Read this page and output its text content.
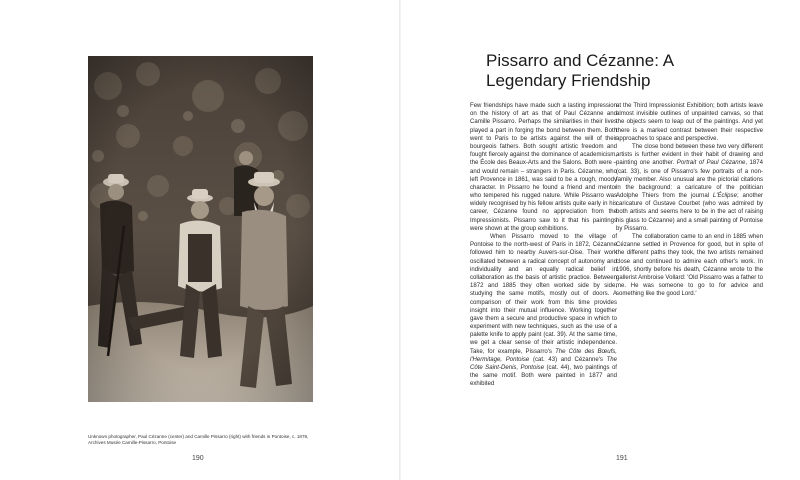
Unknown photographer, Paul Cézanne (center) and Camille Pissarro (right) with friends in Pontoise, c. 1878, Archives Musée Camille-Pissarro, Pontoise
190
Pissarro and Cézanne: A Legendary Friendship

Few friendships have made such a lasting impression on the history of art as that of Paul Cézanne and Camille Pissarro. Perhaps the similarities in their lives played a part in forging the bond between them. Both went to Paris to be artists against the will of their bourgeois fathers. Both sought artistic freedom and fought fiercely against the dominance of academicism, the École des Beaux-Arts and the Salons. Both were – and would remain – strangers in Paris. Cézanne, who left Provence in 1861, was said to be a rough, moody character. In Pissarro he found a friend and mentor who tempered his rugged nature. While Pissarro was widely recognised by his fellow artists quite early in his career, Cézanne found no appreciation from the Impressionists. Pissarro saw to it that his paintings were shown at the group exhibitions.

When Pissarro moved to the village of Pontoise to the north-west of Paris in 1872, Cézanne followed him to nearby Auvers-sur-Oise. Their work oscillated between a radical concept of autonomy and individuality and an equally radical belief in collaboration as the basis of artistic practice. Between 1872 and 1885 they often worked side by side, studying the same motifs, mostly out of doors. A comparison of their work from this time provides insight into their mutual influence. Working together gave them a secure and productive space in which to experiment with new techniques, such as the use of a palette knife to apply paint (cat. 39). At the same time, we get a clear sense of their artistic independence. Take, for example, Pissarro's The Côte des Bœufs, l'Hermitage, Pontoise (cat. 43) and Cézanne's The Côte Saint-Denis, Pontoise (cat. 44), two paintings of the same motif. Both were painted in 1877 and exhibited

at the Third Impressionist Exhibition; both artists leave almost invisible outlines of unpainted canvas, so that the objects seem to leap out of the paintings. And yet there is a marked contrast between their respective approaches to space and perspective.

The close bond between these two very different artists is further evident in their habit of drawing and painting one another. Portrait of Paul Cézanne, 1874 (cat. 33), is one of Pissarro's few portraits of a non-family member. Also unusual are the pictorial citations in the background: a caricature of the politician Adolphe Thiers from the journal L'Éclipse; another caricature of Gustave Courbet (who was admired by both artists and seems here to be in the act of raising his glass to Cézanne) and a small painting of Pontoise by Pissarro.

The collaboration came to an end in 1885 when Cézanne settled in Provence for good, but in spite of the different paths they took, the two artists remained close and continued to admire each other's work. In 1906, shortly before his death, Cézanne wrote to the gallerist Ambroise Vollard: 'Old Pissarro was a father to me. He was someone to go to for advice and something like the good Lord.'

191
